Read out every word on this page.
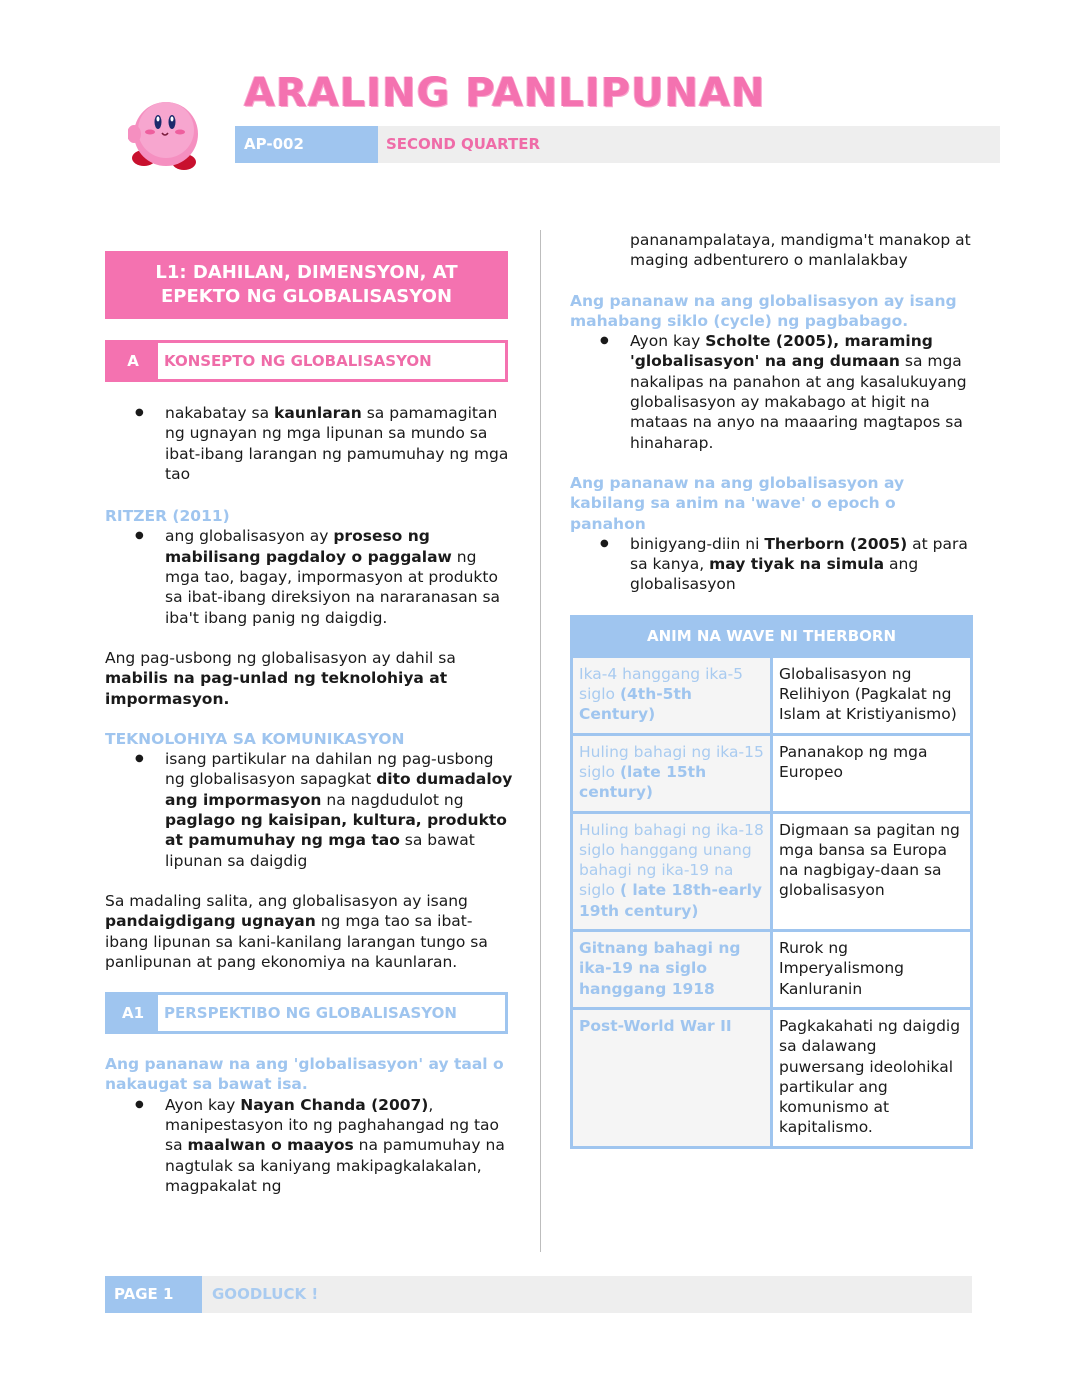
ARALING PANLIPUNAN
AP-002	SECOND QUARTER
L1: DAHILAN, DIMENSYON, AT
EPEKTO NG GLOBALISASYON
A	KONSEPTO NG GLOBALISASYON
● nakabatay sa kaunlaran sa pamamagitan ng ugnayan ng mga lipunan sa mundo sa ibat-ibang larangan ng pamumuhay ng mga tao
RITZER (2011)
● ang globalisasyon ay proseso ng mabilisang pagdaloy o paggalaw ng mga tao, bagay, impormasyon at produkto sa ibat-ibang direksiyon na nararanasan sa iba't ibang panig ng daigdig.
Ang pag-usbong ng globalisasyon ay dahil sa mabilis na pag-unlad ng teknolohiya at impormasyon.
TEKNOLOHIYA SA KOMUNIKASYON
● isang partikular na dahilan ng pag-usbong ng globalisasyon sapagkat dito dumadaloy ang impormasyon na nagdudulot ng paglago ng kaisipan, kultura, produkto at pamumuhay ng mga tao sa bawat lipunan sa daigdig
Sa madaling salita, ang globalisasyon ay isang pandaigdigang ugnayan ng mga tao sa ibat-ibang lipunan sa kani-kanilang larangan tungo sa panlipunan at pang ekonomiya na kaunlaran.
A1	PERSPEKTIBO NG GLOBALISASYON
Ang pananaw na ang 'globalisasyon' ay taal o nakaugat sa bawat isa.
● Ayon kay Nayan Chanda (2007), manipestasyon ito ng paghahangad ng tao sa maalwan o maayos na pamumuhay na nagtulak sa kaniyang makipagkalakalan, magpakalat ng
pananampalataya, mandigma't manakop at maging adbenturero o manlalakbay
Ang pananaw na ang globalisasyon ay isang mahabang siklo (cycle) ng pagbabago.
● Ayon kay Scholte (2005), maraming 'globalisasyon' na ang dumaan sa mga nakalipas na panahon at ang kasalukuyang globalisasyon ay makabago at higit na mataas na anyo na maaaring magtapos sa hinaharap.
Ang pananaw na ang globalisasyon ay kabilang sa anim na 'wave' o epoch o panahon
● binigyang-diin ni Therborn (2005) at para sa kanya, may tiyak na simula ang globalisasyon
ANIM NA WAVE NI THERBORN	
Ika-4 hanggang ika-5 siglo (4th-5th Century)	Globalisasyon ng Relihiyon (Pagkalat ng Islam at Kristiyanismo)
Huling bahagi ng ika-15 siglo (late 15th century)	Pananakop ng mga Europeo
Huling bahagi ng ika-18 siglo hanggang unang bahagi ng ika-19 na siglo ( late 18th-early 19th century)	Digmaan sa pagitan ng mga bansa sa Europa na nagbigay-daan sa globalisasyon
Gitnang bahagi ng ika-19 na siglo hanggang 1918	Rurok ng Imperyalismong Kanluranin
Post-World War II	Pagkakahati ng daigdig sa dalawang puwersang ideolohikal partikular ang komunismo at kapitalismo.
PAGE 1	GOODLUCK !
